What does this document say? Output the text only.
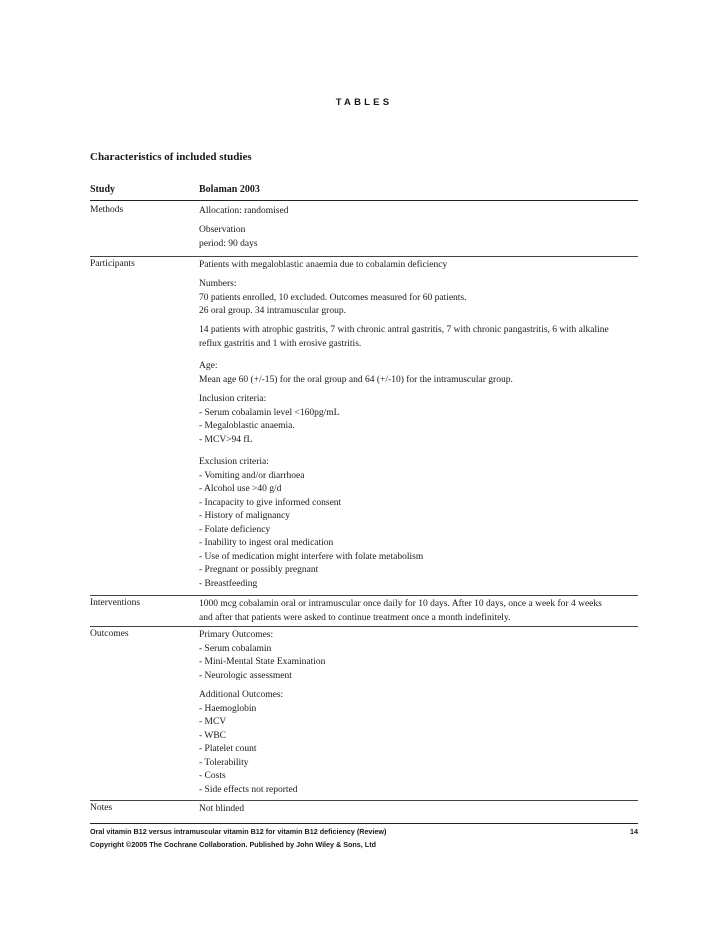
TABLES
Characteristics of included studies
Study	Bolaman 2003
Methods	Allocation: randomised
Observation
period: 90 days
Participants	Patients with megaloblastic anaemia due to cobalamin deficiency
Numbers:
70 patients enrolled, 10 excluded. Outcomes measured for 60 patients.
26 oral group. 34 intramuscular group.
14 patients with atrophic gastritis, 7 with chronic antral gastritis, 7 with chronic pangastritis, 6 with alkaline
reflux gastritis and 1 with erosive gastritis.
Age:
Mean age 60 (+/-15) for the oral group and 64 (+/-10) for the intramuscular group.
Inclusion criteria:
- Serum cobalamin level <160pg/mL
- Megaloblastic anaemia.
- MCV>94 fL
Exclusion criteria:
- Vomiting and/or diarrhoea
- Alcohol use >40 g/d
- Incapacity to give informed consent
- History of malignancy
- Folate deficiency
- Inability to ingest oral medication
- Use of medication might interfere with folate metabolism
- Pregnant or possibly pregnant
- Breastfeeding
Interventions	1000 mcg cobalamin oral or intramuscular once daily for 10 days. After 10 days, once a week for 4 weeks
and after that patients were asked to continue treatment once a month indefinitely.
Outcomes	Primary Outcomes:
- Serum cobalamin
- Mini-Mental State Examination
- Neurologic assessment
Additional Outcomes:
- Haemoglobin
- MCV
- WBC
- Platelet count
- Tolerability
- Costs
- Side effects not reported
Notes	Not blinded
Oral vitamin B12 versus intramuscular vitamin B12 for vitamin B12 deficiency (Review)	14
Copyright ©2005 The Cochrane Collaboration. Published by John Wiley & Sons, Ltd
